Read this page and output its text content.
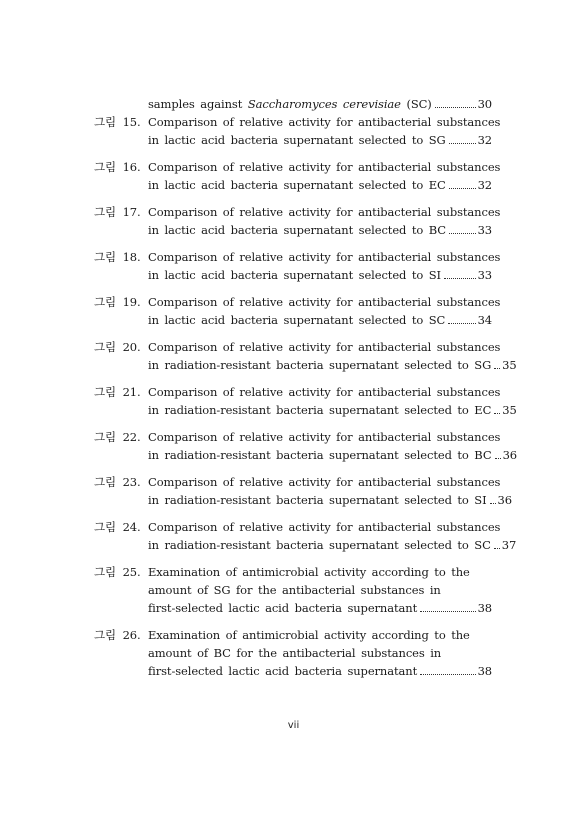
samples against Saccharomyces cerevisiae (SC)	30
그림 15. Comparison of relative activity for antibacterial substances
in lactic acid bacteria supernatant selected to SG	32
그림 16. Comparison of relative activity for antibacterial substances
in lactic acid bacteria supernatant selected to EC	32
그림 17. Comparison of relative activity for antibacterial substances
in lactic acid bacteria supernatant selected to BC	33
그림 18. Comparison of relative activity for antibacterial substances
in lactic acid bacteria supernatant selected to SI	33
그림 19. Comparison of relative activity for antibacterial substances
in lactic acid bacteria supernatant selected to SC	34
그림 20. Comparison of relative activity for antibacterial substances
in radiation-resistant bacteria supernatant selected to SG 35
그림 21. Comparison of relative activity for antibacterial substances
in radiation-resistant bacteria supernatant selected to EC 35
그림 22. Comparison of relative activity for antibacterial substances
in radiation-resistant bacteria supernatant selected to BC 36
그림 23. Comparison of relative activity for antibacterial substances
in radiation-resistant bacteria supernatant selected to SI 36
그림 24. Comparison of relative activity for antibacterial substances
in radiation-resistant bacteria supernatant selected to SC 37
그림 25. Examination of antimicrobial activity according to the
amount of SG for the antibacterial substances in
first-selected lactic acid bacteria supernatant	38
그림 26. Examination of antimicrobial activity according to the
amount of BC for the antibacterial substances in
first-selected lactic acid bacteria supernatant	38
vii
